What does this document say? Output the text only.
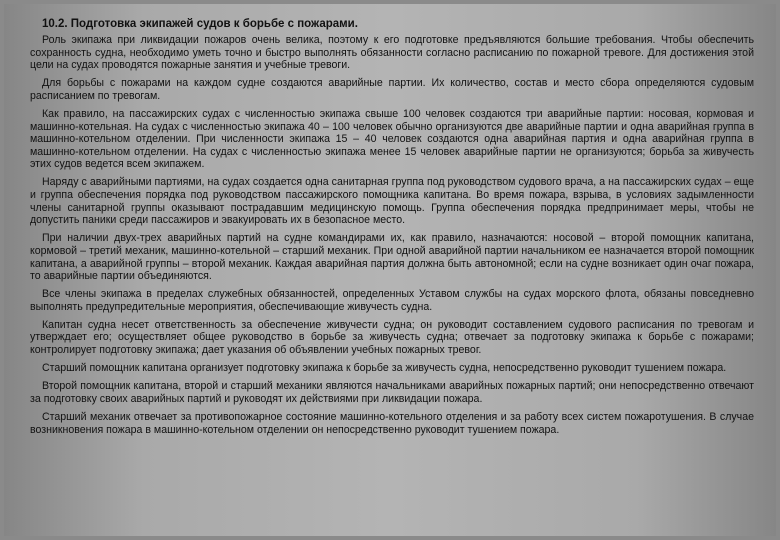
10.2. Подготовка экипажей судов к борьбе с пожарами.
Роль экипажа при ликвидации пожаров очень велика, поэтому к его подготовке предъявляются большие требования. Чтобы обеспечить сохранность судна, необходимо уметь точно и быстро выполнять обязанности согласно расписанию по пожарной тревоге. Для достижения этой цели на судах проводятся пожарные занятия и учебные тревоги.
Для борьбы с пожарами на каждом судне создаются аварийные партии. Их количество, состав и место сбора определяются судовым расписанием по тревогам.
Как правило, на пассажирских судах с численностью экипажа свыше 100 человек создаются три аварийные партии: носовая, кормовая и машинно-котельная. На судах с численностью экипажа 40 – 100 человек обычно организуются две аварийные партии и одна аварийная группа в машинно-котельном отделении. При численности экипажа 15 – 40 человек создаются одна аварийная партия и одна аварийная группа в машинно-котельном отделении. На судах с численностью экипажа менее 15 человек аварийные партии не организуются; борьба за живучесть этих судов ведется всем экипажем.
Наряду с аварийными партиями, на судах создается одна санитарная группа под руководством судового врача, а на пассажирских судах – еще и группа обеспечения порядка под руководством пассажирского помощника капитана. Во время пожара, взрыва, в условиях задымленности члены санитарной группы оказывают пострадавшим медицинскую помощь. Группа обеспечения порядка предпринимает меры, чтобы не допустить паники среди пассажиров и эвакуировать их в безопасное место.
При наличии двух-трех аварийных партий на судне командирами их, как правило, назначаются: носовой – второй помощник капитана, кормовой – третий механик, машинно-котельной – старший механик. При одной аварийной партии начальником ее назначается второй помощник капитана, а аварийной группы – второй механик. Каждая аварийная партия должна быть автономной; если на судне возникает один очаг пожара, то аварийные партии объединяются.
Все члены экипажа в пределах служебных обязанностей, определенных Уставом службы на судах морского флота, обязаны повседневно выполнять предупредительные мероприятия, обеспечивающие живучесть судна.
Капитан судна несет ответственность за обеспечение живучести судна; он руководит составлением судового расписания по тревогам и утверждает его; осуществляет общее руководство в борьбе за живучесть судна; отвечает за подготовку экипажа к борьбе с пожарами; контролирует подготовку экипажа; дает указания об объявлении учебных пожарных тревог.
Старший помощник капитана организует подготовку экипажа к борьбе за живучесть судна, непосредственно руководит тушением пожара.
Второй помощник капитана, второй и старший механики являются начальниками аварийных пожарных партий; они непосредственно отвечают за подготовку своих аварийных партий и руководят их действиями при ликвидации пожара.
Старший механик отвечает за противопожарное состояние машинно-котельного отделения и за работу всех систем пожаротушения. В случае возникновения пожара в машинно-котельном отделении он непосредственно руководит тушением пожара.
